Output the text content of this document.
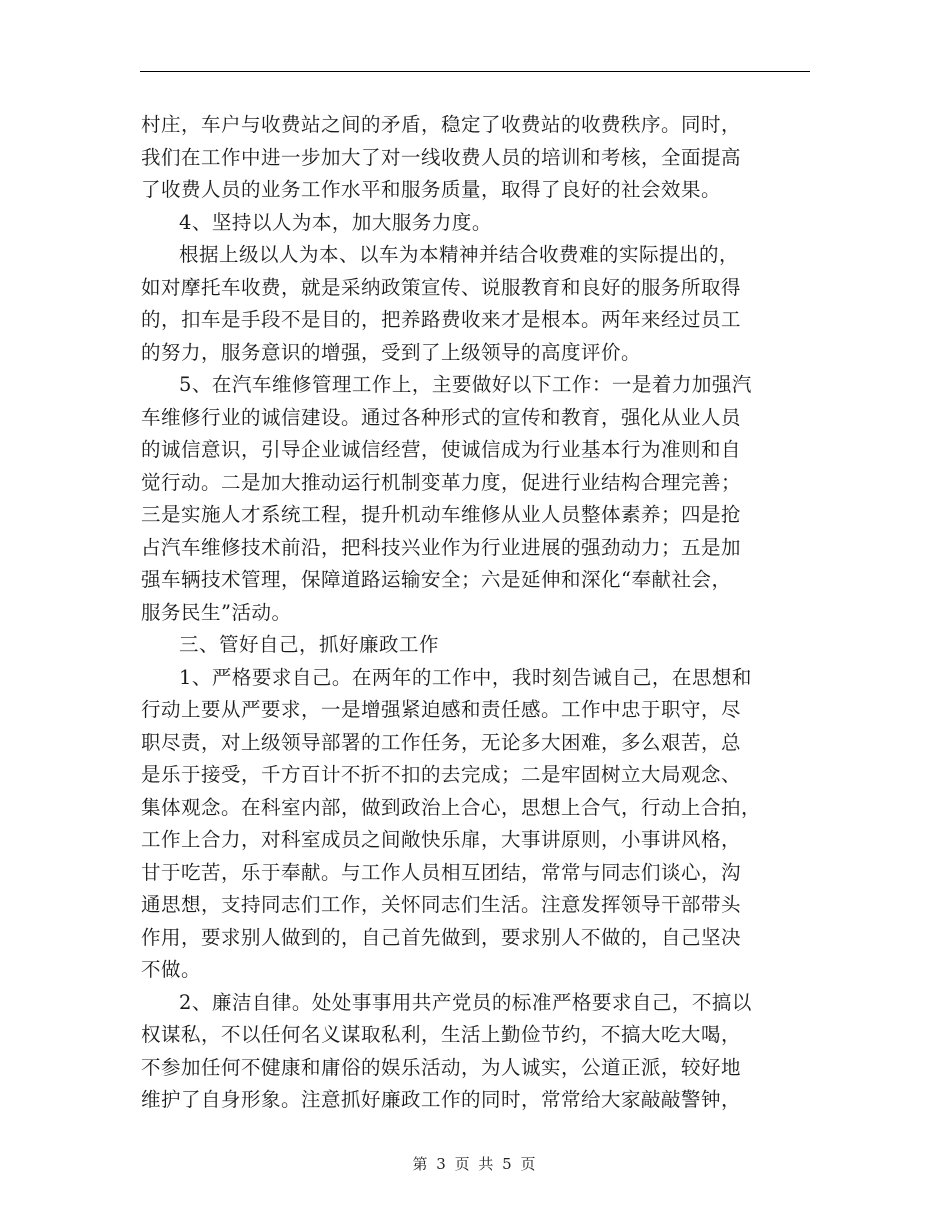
村庄，车户与收费站之间的矛盾，稳定了收费站的收费秩序。同时，
我们在工作中进一步加大了对一线收费人员的培训和考核，全面提高
了收费人员的业务工作水平和服务质量，取得了良好的社会效果。
4、坚持以人为本，加大服务力度。
根据上级以人为本、以车为本精神并结合收费难的实际提出的，
如对摩托车收费，就是采纳政策宣传、说服教育和良好的服务所取得
的，扣车是手段不是目的，把养路费收来才是根本。两年来经过员工
的努力，服务意识的增强，受到了上级领导的高度评价。
5、在汽车维修管理工作上，主要做好以下工作：一是着力加强汽
车维修行业的诚信建设。通过各种形式的宣传和教育，强化从业人员
的诚信意识，引导企业诚信经营，使诚信成为行业基本行为准则和自
觉行动。二是加大推动运行机制变革力度，促进行业结构合理完善；
三是实施人才系统工程，提升机动车维修从业人员整体素养；四是抢
占汽车维修技术前沿，把科技兴业作为行业进展的强劲动力；五是加
强车辆技术管理，保障道路运输安全；六是延伸和深化“奉献社会，
服务民生”活动。
三、管好自己，抓好廉政工作
1、严格要求自己。在两年的工作中，我时刻告诫自己，在思想和
行动上要从严要求，一是增强紧迫感和责任感。工作中忠于职守，尽
职尽责，对上级领导部署的工作任务，无论多大困难，多么艰苦，总
是乐于接受，千方百计不折不扣的去完成；二是牢固树立大局观念、
集体观念。在科室内部，做到政治上合心，思想上合气，行动上合拍，
工作上合力，对科室成员之间敞快乐扉，大事讲原则，小事讲风格，
甘于吃苦，乐于奉献。与工作人员相互团结，常常与同志们谈心，沟
通思想，支持同志们工作，关怀同志们生活。注意发挥领导干部带头
作用，要求别人做到的，自己首先做到，要求别人不做的，自己坚决
不做。
2、廉洁自律。处处事事用共产党员的标准严格要求自己，不搞以
权谋私，不以任何名义谋取私利，生活上勤俭节约，不搞大吃大喝，
不参加任何不健康和庸俗的娱乐活动，为人诚实，公道正派，较好地
维护了自身形象。注意抓好廉政工作的同时，常常给大家敲敲警钟，
第 3 页 共 5 页
